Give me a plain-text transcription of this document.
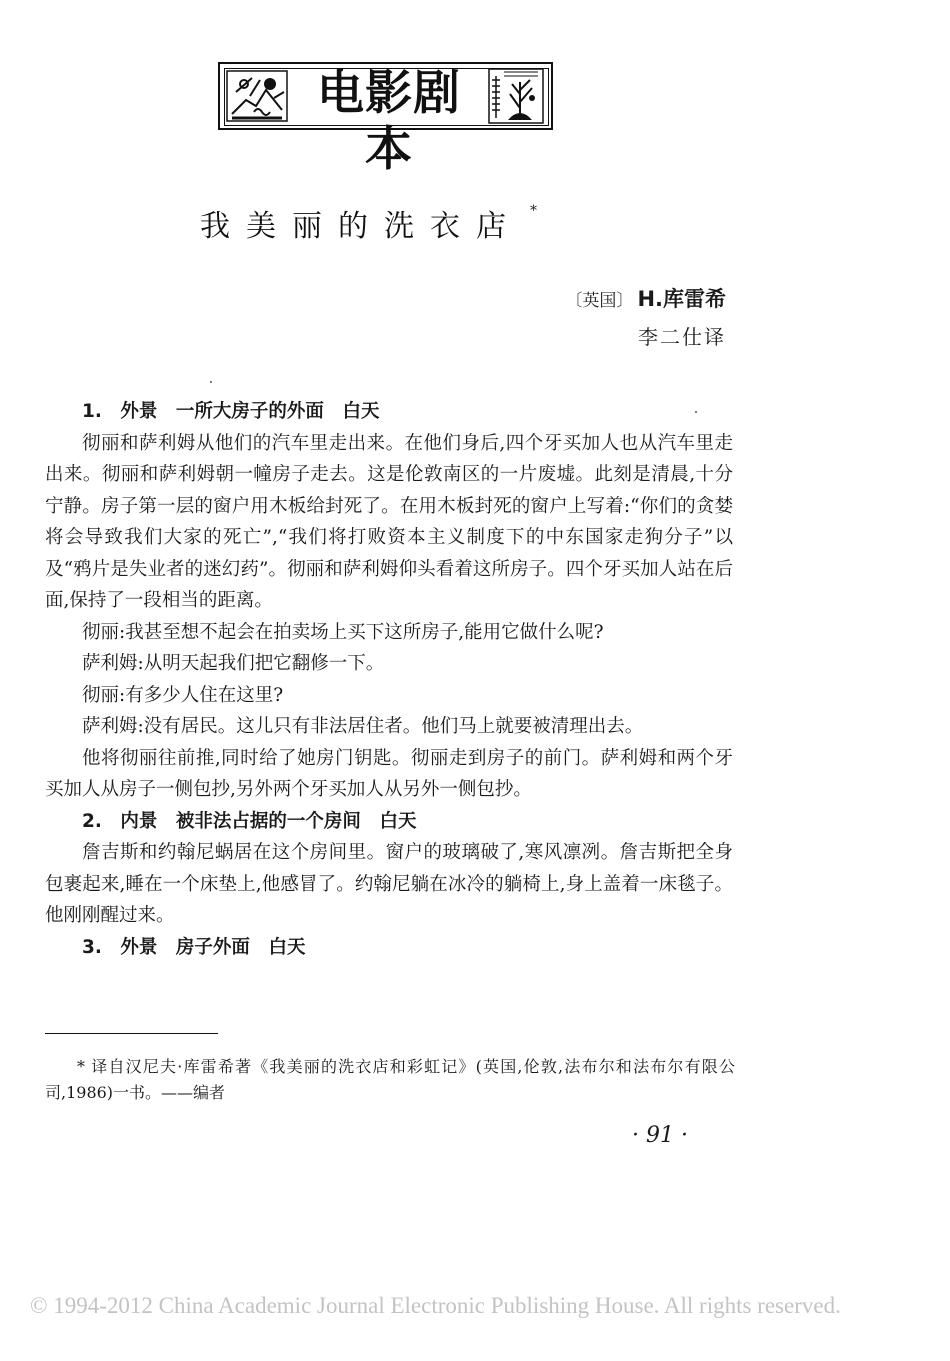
电影剧本
我美丽的洗衣店 *
〔英国〕 H.库雷希
李二仕译
1. 外景 一所大房子的外面 白天

彻丽和萨利姆从他们的汽车里走出来。在他们身后,四个牙买加人也从汽车里走出来。彻丽和萨利姆朝一幢房子走去。这是伦敦南区的一片废墟。此刻是清晨,十分宁静。房子第一层的窗户用木板给封死了。在用木板封死的窗户上写着:“你们的贪婪将会导致我们大家的死亡”,“我们将打败资本主义制度下的中东国家走狗分子”以及“鸦片是失业者的迷幻药”。彻丽和萨利姆仰头看着这所房子。四个牙买加人站在后面,保持了一段相当的距离。

彻丽:我甚至想不起会在拍卖场上买下这所房子,能用它做什么呢?

萨利姆:从明天起我们把它翻修一下。

彻丽:有多少人住在这里?

萨利姆:没有居民。这儿只有非法居住者。他们马上就要被清理出去。

他将彻丽往前推,同时给了她房门钥匙。彻丽走到房子的前门。萨利姆和两个牙买加人从房子一侧包抄,另外两个牙买加人从另外一侧包抄。

2. 内景 被非法占据的一个房间 白天

詹吉斯和约翰尼蜗居在这个房间里。窗户的玻璃破了,寒风凛冽。詹吉斯把全身包裹起来,睡在一个床垫上,他感冒了。约翰尼躺在冰冷的躺椅上,身上盖着一床毯子。他刚刚醒过来。

3. 外景 房子外面 白天
* 译自汉尼夫·库雷希著《我美丽的洗衣店和彩虹记》(英国,伦敦,法布尔和法布尔有限公司,1986)一书。——编者
· 91 ·
© 1994-2012 China Academic Journal Electronic Publishing House. All rights reserved.
